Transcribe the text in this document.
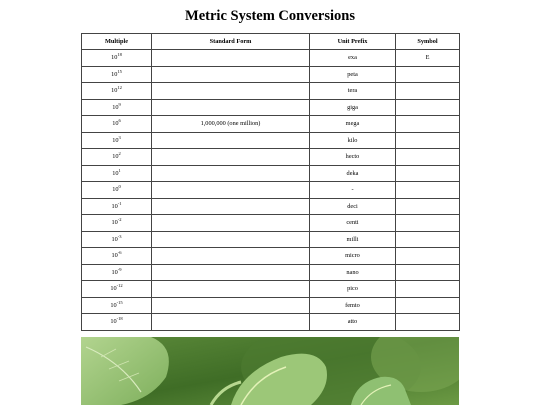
Metric System Conversions
Multiple	Standard Form	Unit Prefix	Symbol
$10^{18}$		exa	E
$10^{15}$		peta	
$10^{12}$		tera	
$10^9$		giga	
$10^6$	1,000,000 (one million)	mega	
$10^3$		kilo	
$10^2$		hecto	
$10^1$		deka	
$10^0$		-	
$10^{-1}$		deci	
$10^{-2}$		centi	
$10^{-3}$		milli	
$10^{-6}$		micro	
$10^{-9}$		nano	
$10^{-12}$		pico	
$10^{-15}$		femto	
$10^{-18}$		atto	
